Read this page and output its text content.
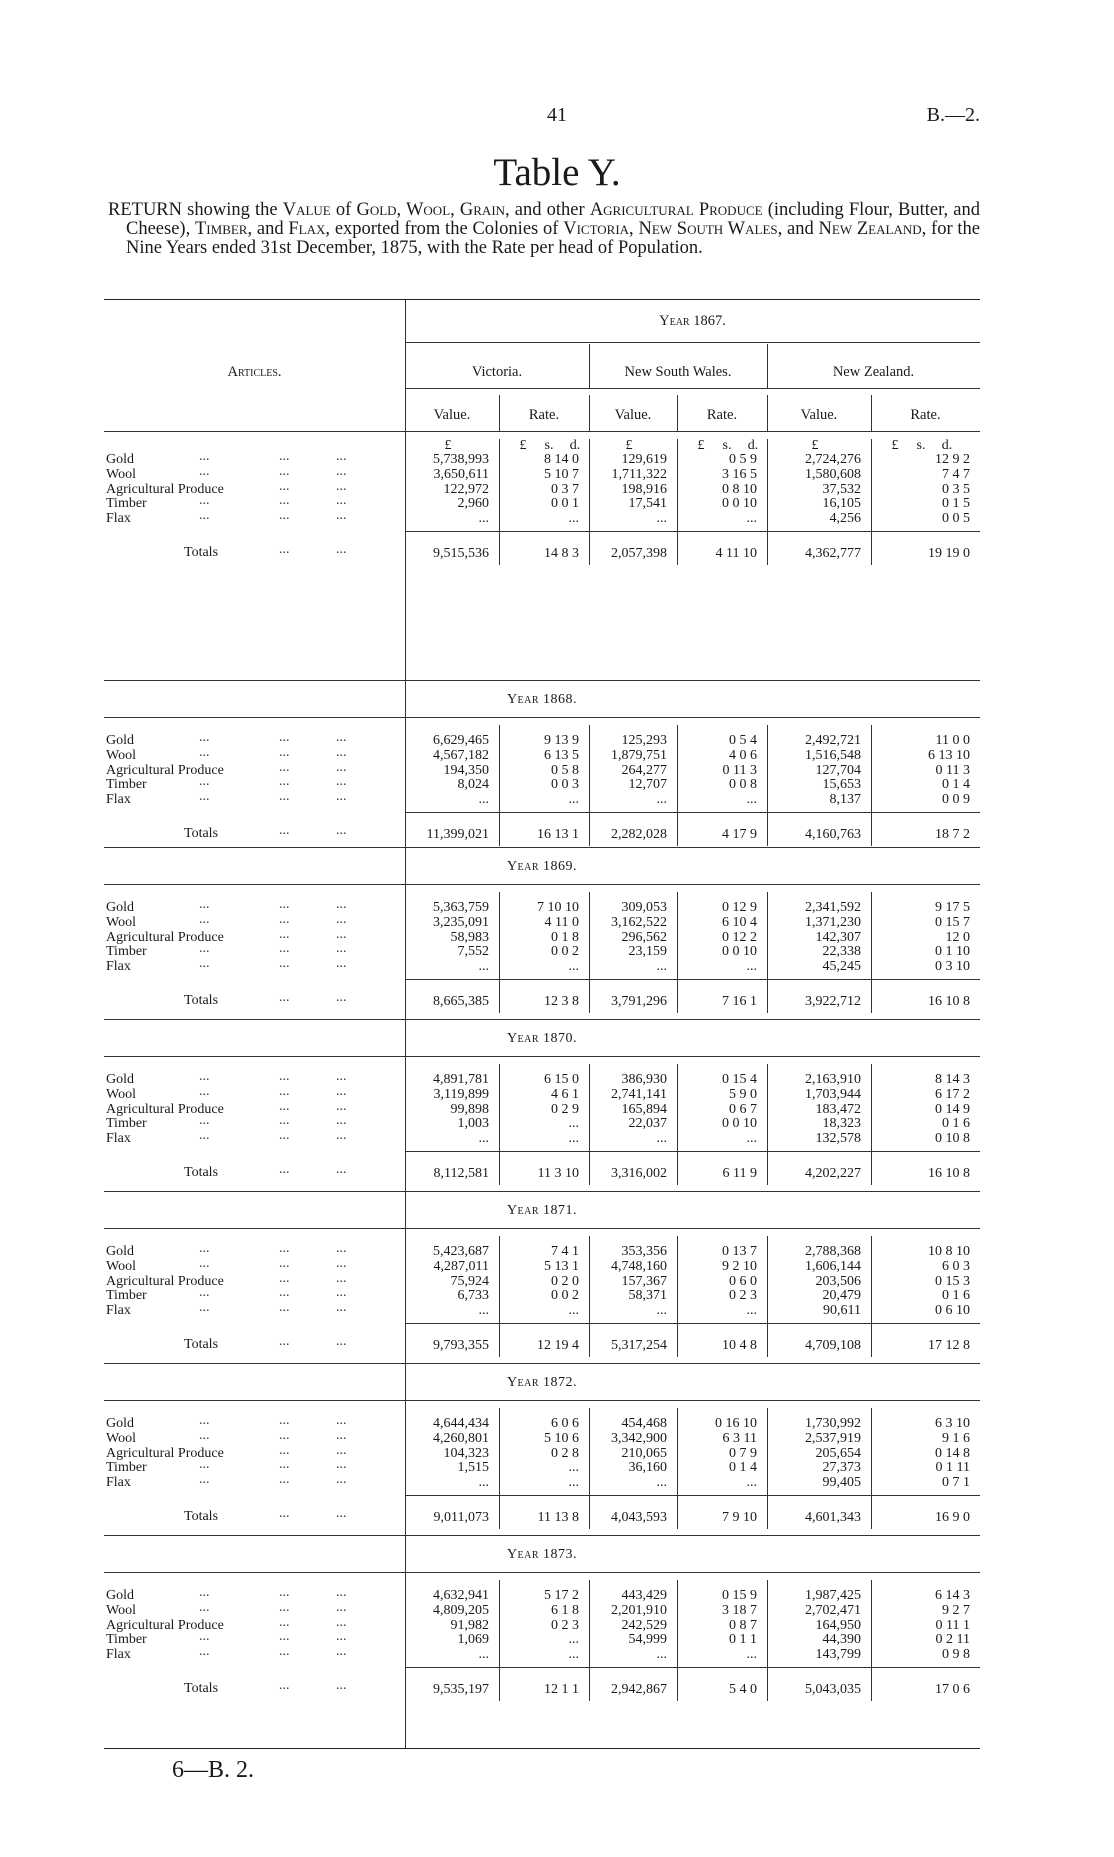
41	B.—2.
Table Y.
RETURN showing the Value of Gold, Wool, Grain, and other Agricultural Produce (including Flour, Butter, and Cheese), Timber, and Flax, exported from the Colonies of Victoria, New South Wales, and New Zealand, for the Nine Years ended 31st December, 1875, with the Rate per head of Population.
Articles.
Year 1867.
Victoria.	New South Wales.	New Zealand.
Value.	Rate.	Value.	Rate.	Value.	Rate.
£	£	£
£	s.	d.	£	s.	d.	£	s.	d.
Gold	...	...	...	5,738,993	8 14 0	129,619	0 5 9	2,724,276	12 9 2
Wool	...	...	...	3,650,611	5 10 7	1,711,322	3 16 5	1,580,608	7 4 7
Agricultural Produce	...	...	122,972	0 3 7	198,916	0 8 10	37,532	0 3 5
Timber	...	...	...	2,960	0 0 1	17,541	0 0 10	16,105	0 1 5
Flax	...	...	...	...	...	...	...	4,256	0 0 5
Totals	...	...	9,515,536	14 8 3	2,057,398	4 11 10	4,362,777	19 19 0
Year 1868.
Gold	...	...	...	6,629,465	9 13 9	125,293	0 5 4	2,492,721	11 0 0
Wool	...	...	...	4,567,182	6 13 5	1,879,751	4 0 6	1,516,548	6 13 10
Agricultural Produce	...	...	194,350	0 5 8	264,277	0 11 3	127,704	0 11 3
Timber	...	...	...	8,024	0 0 3	12,707	0 0 8	15,653	0 1 4
Flax	...	...	...	...	...	...	...	8,137	0 0 9
Totals	...	...	11,399,021	16 13 1	2,282,028	4 17 9	4,160,763	18 7 2
Year 1869.
Gold	...	...	...	5,363,759	7 10 10	309,053	0 12 9	2,341,592	9 17 5
Wool	...	...	...	3,235,091	4 11 0	3,162,522	6 10 4	1,371,230	0 15 7
Agricultural Produce	...	...	58,983	0 1 8	296,562	0 12 2	142,307	12 0
Timber	...	...	...	7,552	0 0 2	23,159	0 0 10	22,338	0 1 10
Flax	...	...	...	...	...	...	...	45,245	0 3 10
Totals	...	...	8,665,385	12 3 8	3,791,296	7 16 1	3,922,712	16 10 8
Year 1870.
Gold	...	...	...	4,891,781	6 15 0	386,930	0 15 4	2,163,910	8 14 3
Wool	...	...	...	3,119,899	4 6 1	2,741,141	5 9 0	1,703,944	6 17 2
Agricultural Produce	...	...	99,898	0 2 9	165,894	0 6 7	183,472	0 14 9
Timber	...	...	...	1,003	...	22,037	0 0 10	18,323	0 1 6
Flax	...	...	...	...	...	...	...	132,578	0 10 8
Totals	...	...	8,112,581	11 3 10	3,316,002	6 11 9	4,202,227	16 10 8
Year 1871.
Gold	...	...	...	5,423,687	7 4 1	353,356	0 13 7	2,788,368	10 8 10
Wool	...	...	...	4,287,011	5 13 1	4,748,160	9 2 10	1,606,144	6 0 3
Agricultural Produce	...	...	75,924	0 2 0	157,367	0 6 0	203,506	0 15 3
Timber	...	...	...	6,733	0 0 2	58,371	0 2 3	20,479	0 1 6
Flax	...	...	...	...	...	...	...	90,611	0 6 10
Totals	...	...	9,793,355	12 19 4	5,317,254	10 4 8	4,709,108	17 12 8
Year 1872.
Gold	...	...	...	4,644,434	6 0 6	454,468	0 16 10	1,730,992	6 3 10
Wool	...	...	...	4,260,801	5 10 6	3,342,900	6 3 11	2,537,919	9 1 6
Agricultural Produce	...	...	104,323	0 2 8	210,065	0 7 9	205,654	0 14 8
Timber	...	...	...	1,515	...	36,160	0 1 4	27,373	0 1 11
Flax	...	...	...	...	...	...	...	99,405	0 7 1
Totals	...	...	9,011,073	11 13 8	4,043,593	7 9 10	4,601,343	16 9 0
Year 1873.
Gold	...	...	...	4,632,941	5 17 2	443,429	0 15 9	1,987,425	6 14 3
Wool	...	...	...	4,809,205	6 1 8	2,201,910	3 18 7	2,702,471	9 2 7
Agricultural Produce	...	...	91,982	0 2 3	242,529	0 8 7	164,950	0 11 1
Timber	...	...	...	1,069	...	54,999	0 1 1	44,390	0 2 11
Flax	...	...	...	...	...	...	...	143,799	0 9 8
Totals	...	...	9,535,197	12 1 1	2,942,867	5 4 0	5,043,035	17 0 6
6—B. 2.
